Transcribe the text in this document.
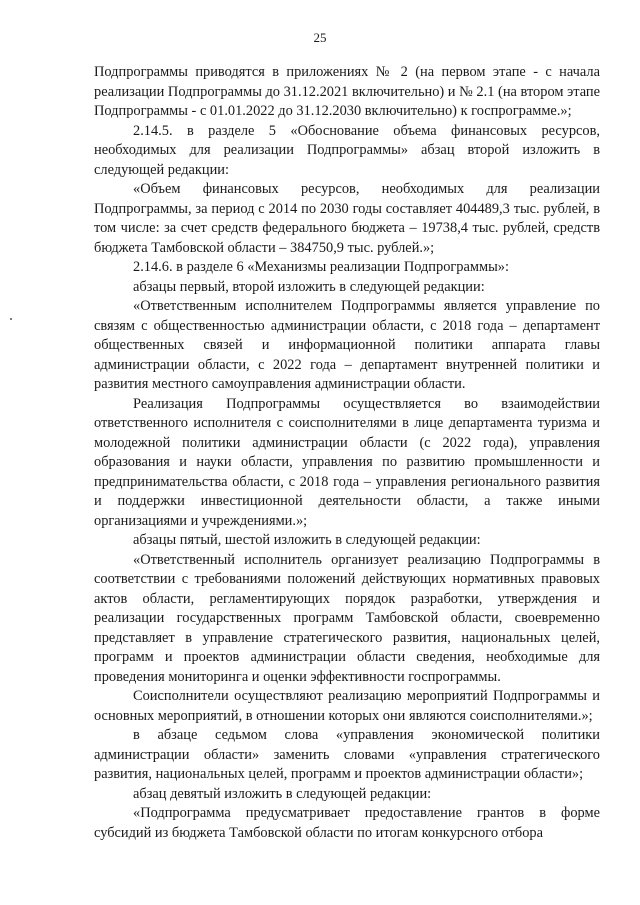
25

Подпрограммы приводятся в приложениях № 2 (на первом этапе - с начала реализации Подпрограммы до 31.12.2021 включительно) и № 2.1 (на втором этапе Подпрограммы - с 01.01.2022 до 31.12.2030 включительно) к госпрограмме.»;

2.14.5. в разделе 5 «Обоснование объема финансовых ресурсов, необходимых для реализации Подпрограммы» абзац второй изложить в следующей редакции:

«Объем финансовых ресурсов, необходимых для реализации Подпрограммы, за период с 2014 по 2030 годы составляет 404489,3 тыс. рублей, в том числе: за счет средств федерального бюджета – 19738,4 тыс. рублей, средств бюджета Тамбовской области – 384750,9 тыс. рублей.»;

2.14.6. в разделе 6 «Механизмы реализации Подпрограммы»:

абзацы первый, второй изложить в следующей редакции:

«Ответственным исполнителем Подпрограммы является управление по связям с общественностью администрации области, с 2018 года – департамент общественных связей и информационной политики аппарата главы администрации области, с 2022 года – департамент внутренней политики и развития местного самоуправления администрации области.

Реализация Подпрограммы осуществляется во взаимодействии ответственного исполнителя с соисполнителями в лице департамента туризма и молодежной политики администрации области (с 2022 года), управления образования и науки области, управления по развитию промышленности и предпринимательства области, с 2018 года – управления регионального развития и поддержки инвестиционной деятельности области, а также иными организациями и учреждениями.»;

абзацы пятый, шестой изложить в следующей редакции:

«Ответственный исполнитель организует реализацию Подпрограммы в соответствии с требованиями положений действующих нормативных правовых актов области, регламентирующих порядок разработки, утверждения и реализации государственных программ Тамбовской области, своевременно представляет в управление стратегического развития, национальных целей, программ и проектов администрации области сведения, необходимые для проведения мониторинга и оценки эффективности госпрограммы.

Соисполнители осуществляют реализацию мероприятий Подпрограммы и основных мероприятий, в отношении которых они являются соисполнителями.»;

в абзаце седьмом слова «управления экономической политики администрации области» заменить словами «управления стратегического развития, национальных целей, программ и проектов администрации области»;

абзац девятый изложить в следующей редакции:

«Подпрограмма предусматривает предоставление грантов в форме субсидий из бюджета Тамбовской области по итогам конкурсного отбора
